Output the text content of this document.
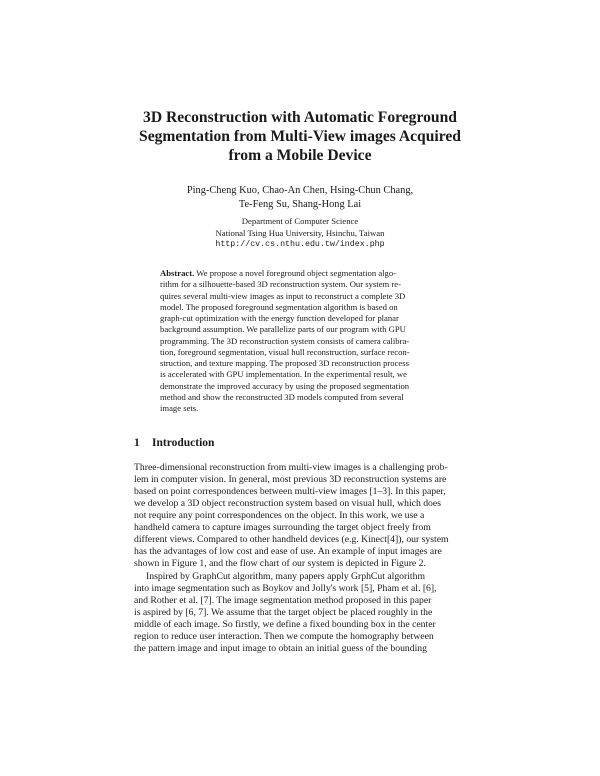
3D Reconstruction with Automatic Foreground
Segmentation from Multi-View images Acquired
from a Mobile Device
Ping-Cheng Kuo, Chao-An Chen, Hsing-Chun Chang,
Te-Feng Su, Shang-Hong Lai
Department of Computer Science
National Tsing Hua University, Hsinchu, Taiwan
http://cv.cs.nthu.edu.tw/index.php
Abstract. We propose a novel foreground object segmentation algo-
rithm for a silhouette-based 3D reconstruction system. Our system re-
quires several multi-view images as input to reconstruct a complete 3D
model. The proposed foreground segmentation algorithm is based on
graph-cut optimization with the energy function developed for planar
background assumption. We parallelize parts of our program with GPU
programming. The 3D reconstruction system consists of camera calibra-
tion, foreground segmentation, visual hull reconstruction, surface recon-
struction, and texture mapping. The proposed 3D reconstruction process
is accelerated with GPU implementation. In the experimental result, we
demonstrate the improved accuracy by using the proposed segmentation
method and show the reconstructed 3D models computed from several
image sets.
1 Introduction
Three-dimensional reconstruction from multi-view images is a challenging prob-
lem in computer vision. In general, most previous 3D reconstruction systems are
based on point correspondences between multi-view images [1–3]. In this paper,
we develop a 3D object reconstruction system based on visual hull, which does
not require any point correspondences on the object. In this work, we use a
handheld camera to capture images surrounding the target object freely from
different views. Compared to other handheld devices (e.g. Kinect[4]), our system
has the advantages of low cost and ease of use. An example of input images are
shown in Figure 1, and the flow chart of our system is depicted in Figure 2.
Inspired by GraphCut algorithm, many papers apply GrphCut algorithm
into image segmentation such as Boykov and Jolly's work [5], Pham et al. [6],
and Rother et al. [7]. The image segmentation method proposed in this paper
is aspired by [6, 7]. We assume that the target object be placed roughly in the
middle of each image. So firstly, we define a fixed bounding box in the center
region to reduce user interaction. Then we compute the homography between
the pattern image and input image to obtain an initial guess of the bounding
